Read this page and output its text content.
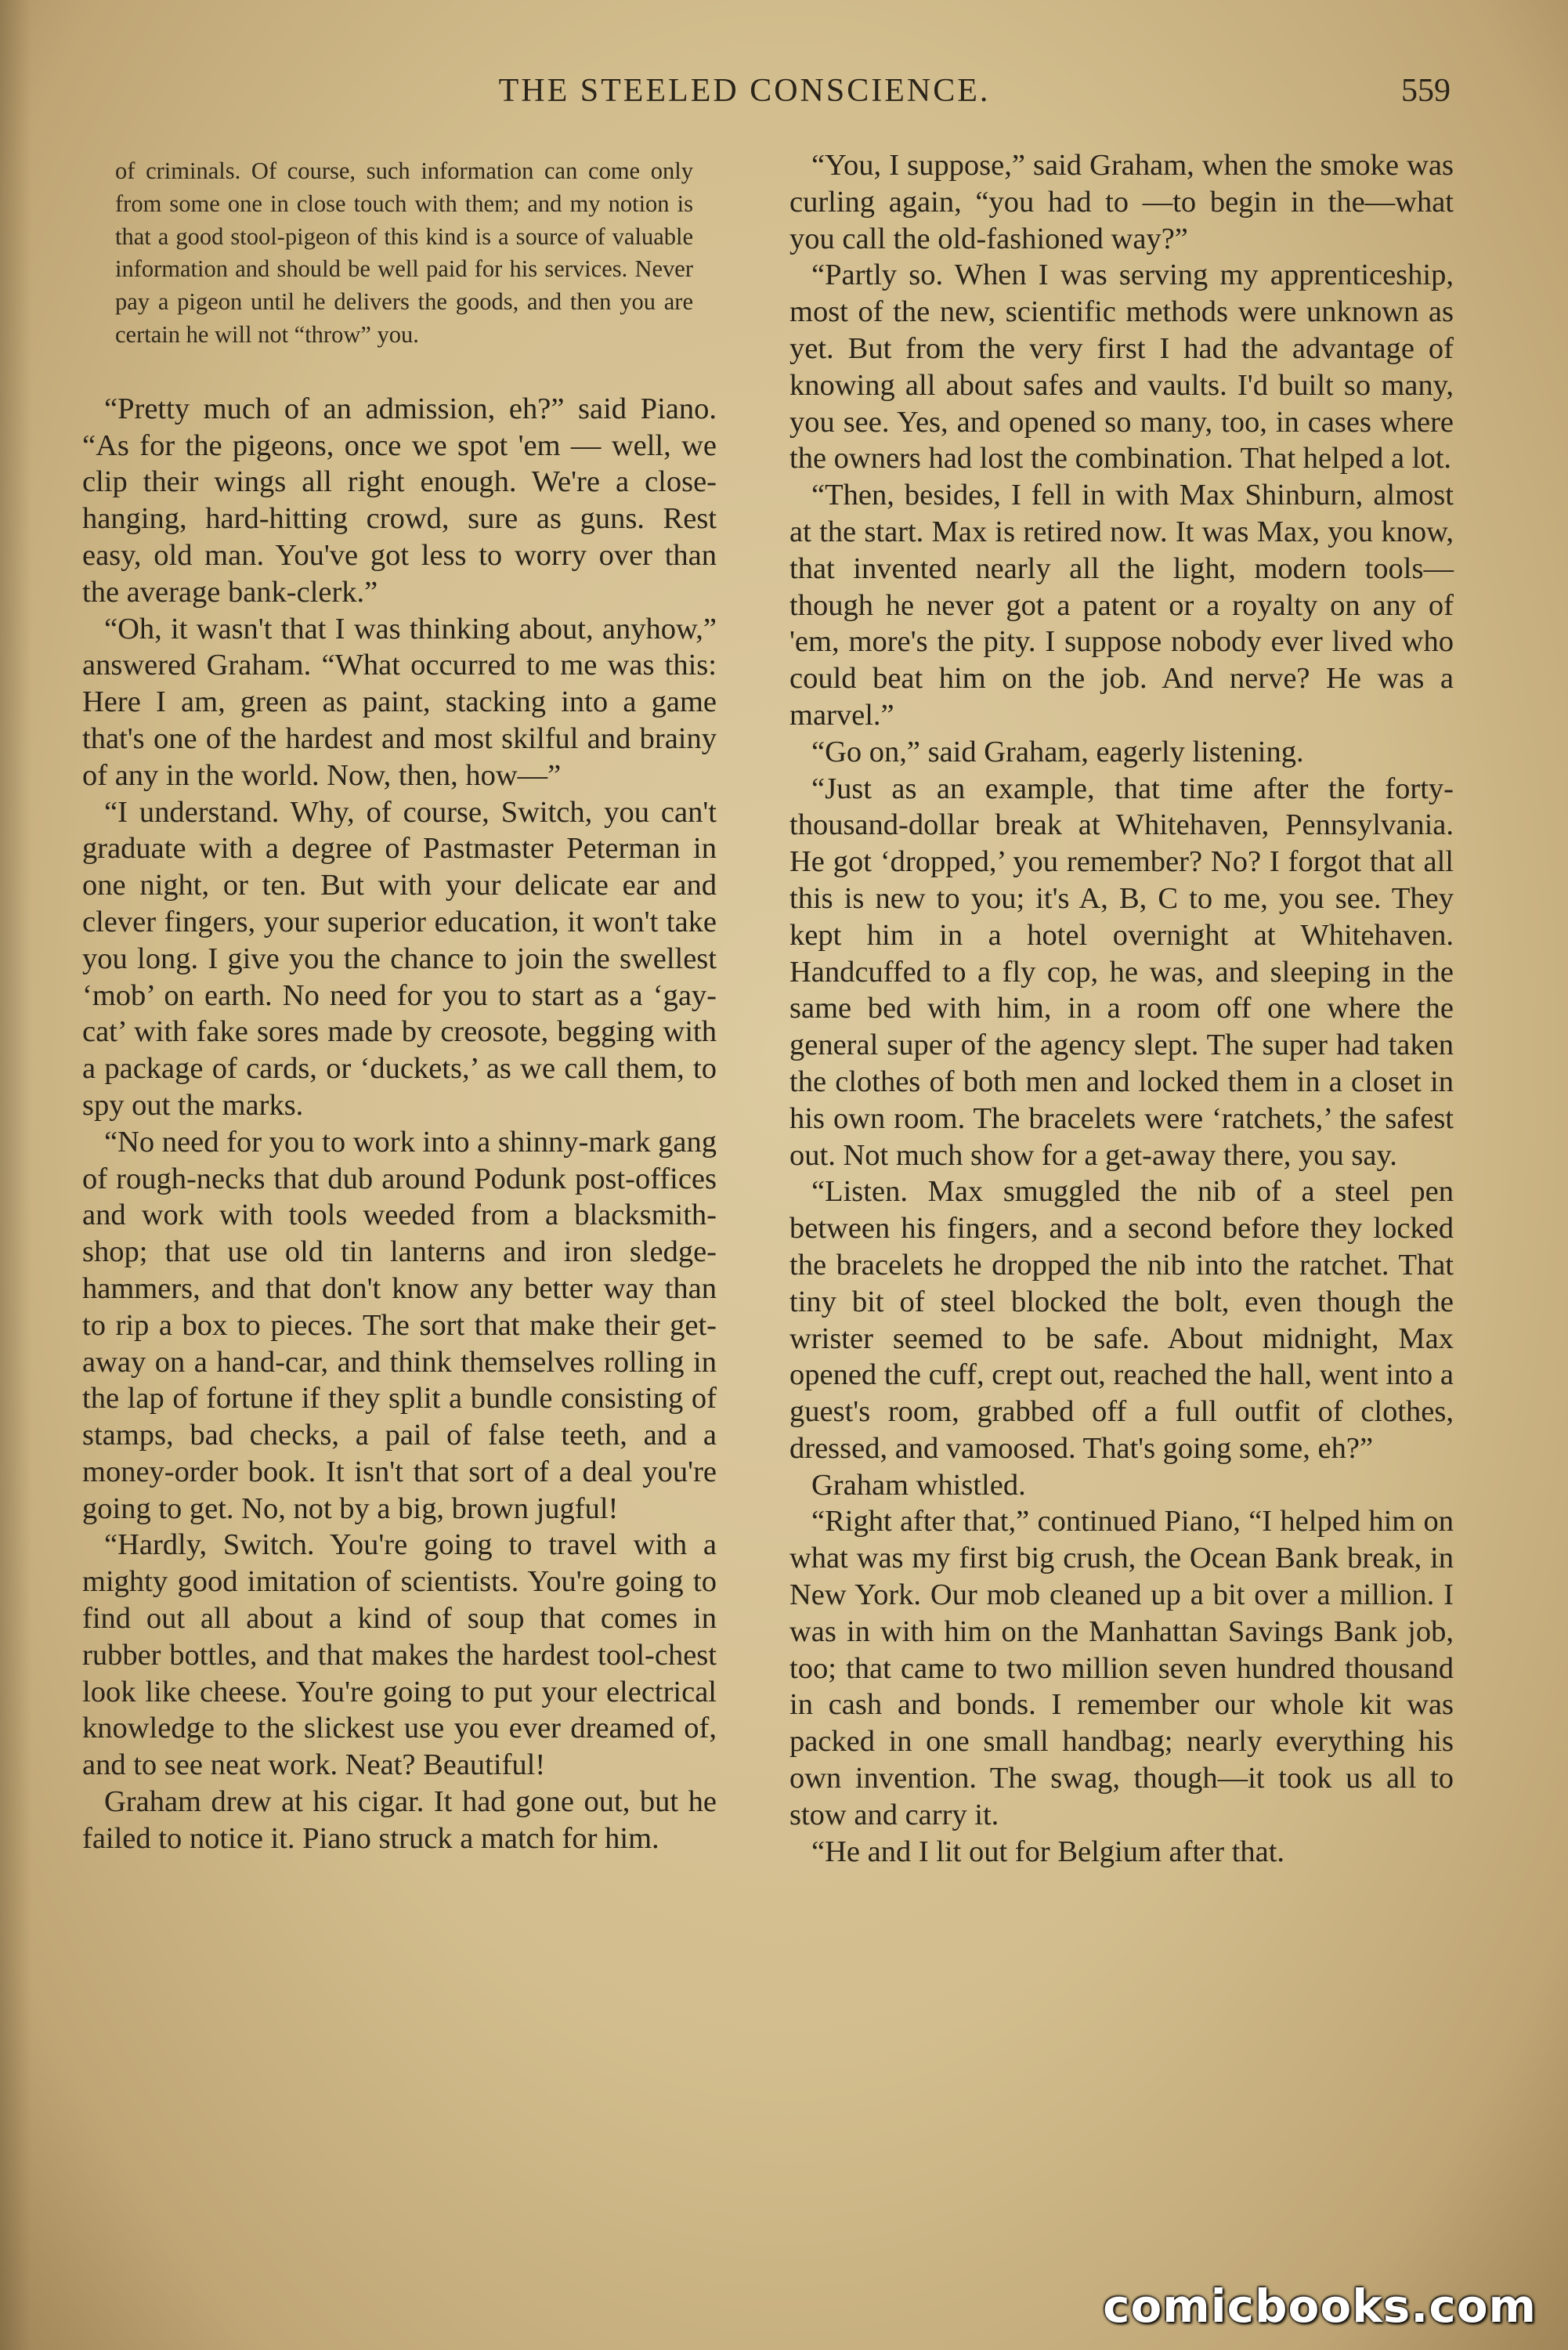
THE STEELED CONSCIENCE.	559
of criminals. Of course, such information can come only from some one in close touch with them; and my notion is that a good stool-pigeon of this kind is a source of valuable information and should be well paid for his services. Never pay a pigeon until he delivers the goods, and then you are certain he will not “throw” you.

“Pretty much of an admission, eh?” said Piano. “As for the pigeons, once we spot 'em — well, we clip their wings all right enough. We're a close-hanging, hard-hitting crowd, sure as guns. Rest easy, old man. You've got less to worry over than the average bank-clerk.”

“Oh, it wasn't that I was thinking about, anyhow,” answered Graham. “What occurred to me was this: Here I am, green as paint, stacking into a game that's one of the hardest and most skilful and brainy of any in the world. Now, then, how—”

“I understand. Why, of course, Switch, you can't graduate with a degree of Pastmaster Peterman in one night, or ten. But with your delicate ear and clever fingers, your superior education, it won't take you long. I give you the chance to join the swellest ‘mob’ on earth. No need for you to start as a ‘gay-cat’ with fake sores made by creosote, begging with a package of cards, or ‘duckets,’ as we call them, to spy out the marks.

“No need for you to work into a shinny-mark gang of rough-necks that dub around Podunk post-offices and work with tools weeded from a blacksmith-shop; that use old tin lanterns and iron sledge-hammers, and that don't know any better way than to rip a box to pieces. The sort that make their get-away on a hand-car, and think themselves rolling in the lap of fortune if they split a bundle consisting of stamps, bad checks, a pail of false teeth, and a money-order book. It isn't that sort of a deal you're going to get. No, not by a big, brown jugful!

“Hardly, Switch. You're going to travel with a mighty good imitation of scientists. You're going to find out all about a kind of soup that comes in rubber bottles, and that makes the hardest tool-chest look like cheese. You're going to put your electrical knowledge to the slickest use you ever dreamed of, and to see neat work. Neat? Beautiful!

Graham drew at his cigar. It had gone out, but he failed to notice it. Piano struck a match for him.

“You, I suppose,” said Graham, when the smoke was curling again, “you had to —to begin in the—what you call the old-fashioned way?”

“Partly so. When I was serving my apprenticeship, most of the new, scientific methods were unknown as yet. But from the very first I had the advantage of knowing all about safes and vaults. I'd built so many, you see. Yes, and opened so many, too, in cases where the owners had lost the combination. That helped a lot.

“Then, besides, I fell in with Max Shinburn, almost at the start. Max is retired now. It was Max, you know, that invented nearly all the light, modern tools—though he never got a patent or a royalty on any of 'em, more's the pity. I suppose nobody ever lived who could beat him on the job. And nerve? He was a marvel.”

“Go on,” said Graham, eagerly listening.

“Just as an example, that time after the forty-thousand-dollar break at Whitehaven, Pennsylvania. He got ‘dropped,’ you remember? No? I forgot that all this is new to you; it's A, B, C to me, you see. They kept him in a hotel overnight at Whitehaven. Handcuffed to a fly cop, he was, and sleeping in the same bed with him, in a room off one where the general super of the agency slept. The super had taken the clothes of both men and locked them in a closet in his own room. The bracelets were ‘ratchets,’ the safest out. Not much show for a get-away there, you say.

“Listen. Max smuggled the nib of a steel pen between his fingers, and a second before they locked the bracelets he dropped the nib into the ratchet. That tiny bit of steel blocked the bolt, even though the wrister seemed to be safe. About midnight, Max opened the cuff, crept out, reached the hall, went into a guest's room, grabbed off a full outfit of clothes, dressed, and vamoosed. That's going some, eh?”

Graham whistled.

“Right after that,” continued Piano, “I helped him on what was my first big crush, the Ocean Bank break, in New York. Our mob cleaned up a bit over a million. I was in with him on the Manhattan Savings Bank job, too; that came to two million seven hundred thousand in cash and bonds. I remember our whole kit was packed in one small handbag; nearly everything his own invention. The swag, though—it took us all to stow and carry it.

“He and I lit out for Belgium after that.

comicbooks.com
